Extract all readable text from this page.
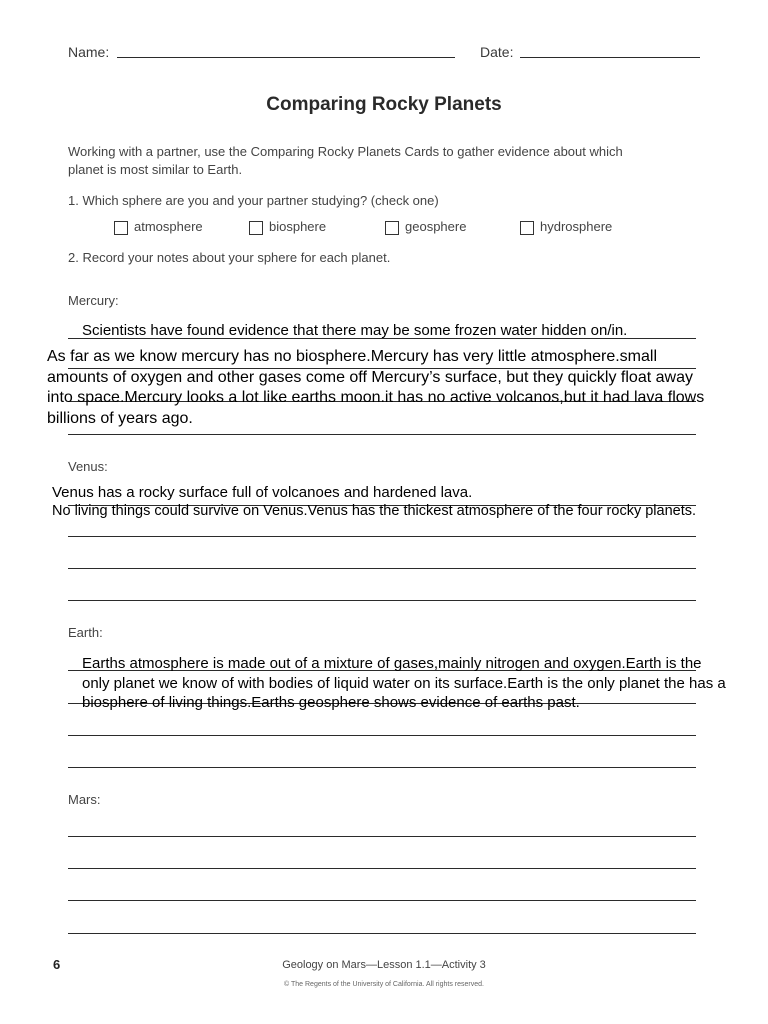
Name:	Date:
Comparing Rocky Planets
Working with a partner, use the Comparing Rocky Planets Cards to gather evidence about which
planet is most similar to Earth.
1. Which sphere are you and your partner studying? (check one)
atmosphere	biosphere	geosphere	hydrosphere
2. Record your notes about your sphere for each planet.
Mercury:
Scientists have found evidence that there may be some frozen water hidden on/in.
As far as we know mercury has no biosphere.Mercury has very little atmosphere.small
amounts of oxygen and other gases come off Mercury’s surface, but they quickly float away
into space.Mercury looks a lot like earths moon.it has no active volcanos,but it had lava flows
billions of years ago.
Venus:
Venus has a rocky surface full of volcanoes and hardened lava.
No living things could survive on Venus.Venus has the thickest atmosphere of the four rocky planets.
Earth:
Earths atmosphere is made out of a mixture of gases,mainly nitrogen and oxygen.Earth is the
only planet we know of with bodies of liquid water on its surface.Earth is the only planet the has a
biosphere of living things.Earths geosphere shows evidence of earths past.
Mars:
6	Geology on Mars—Lesson 1.1—Activity 3
© The Regents of the University of California. All rights reserved.
